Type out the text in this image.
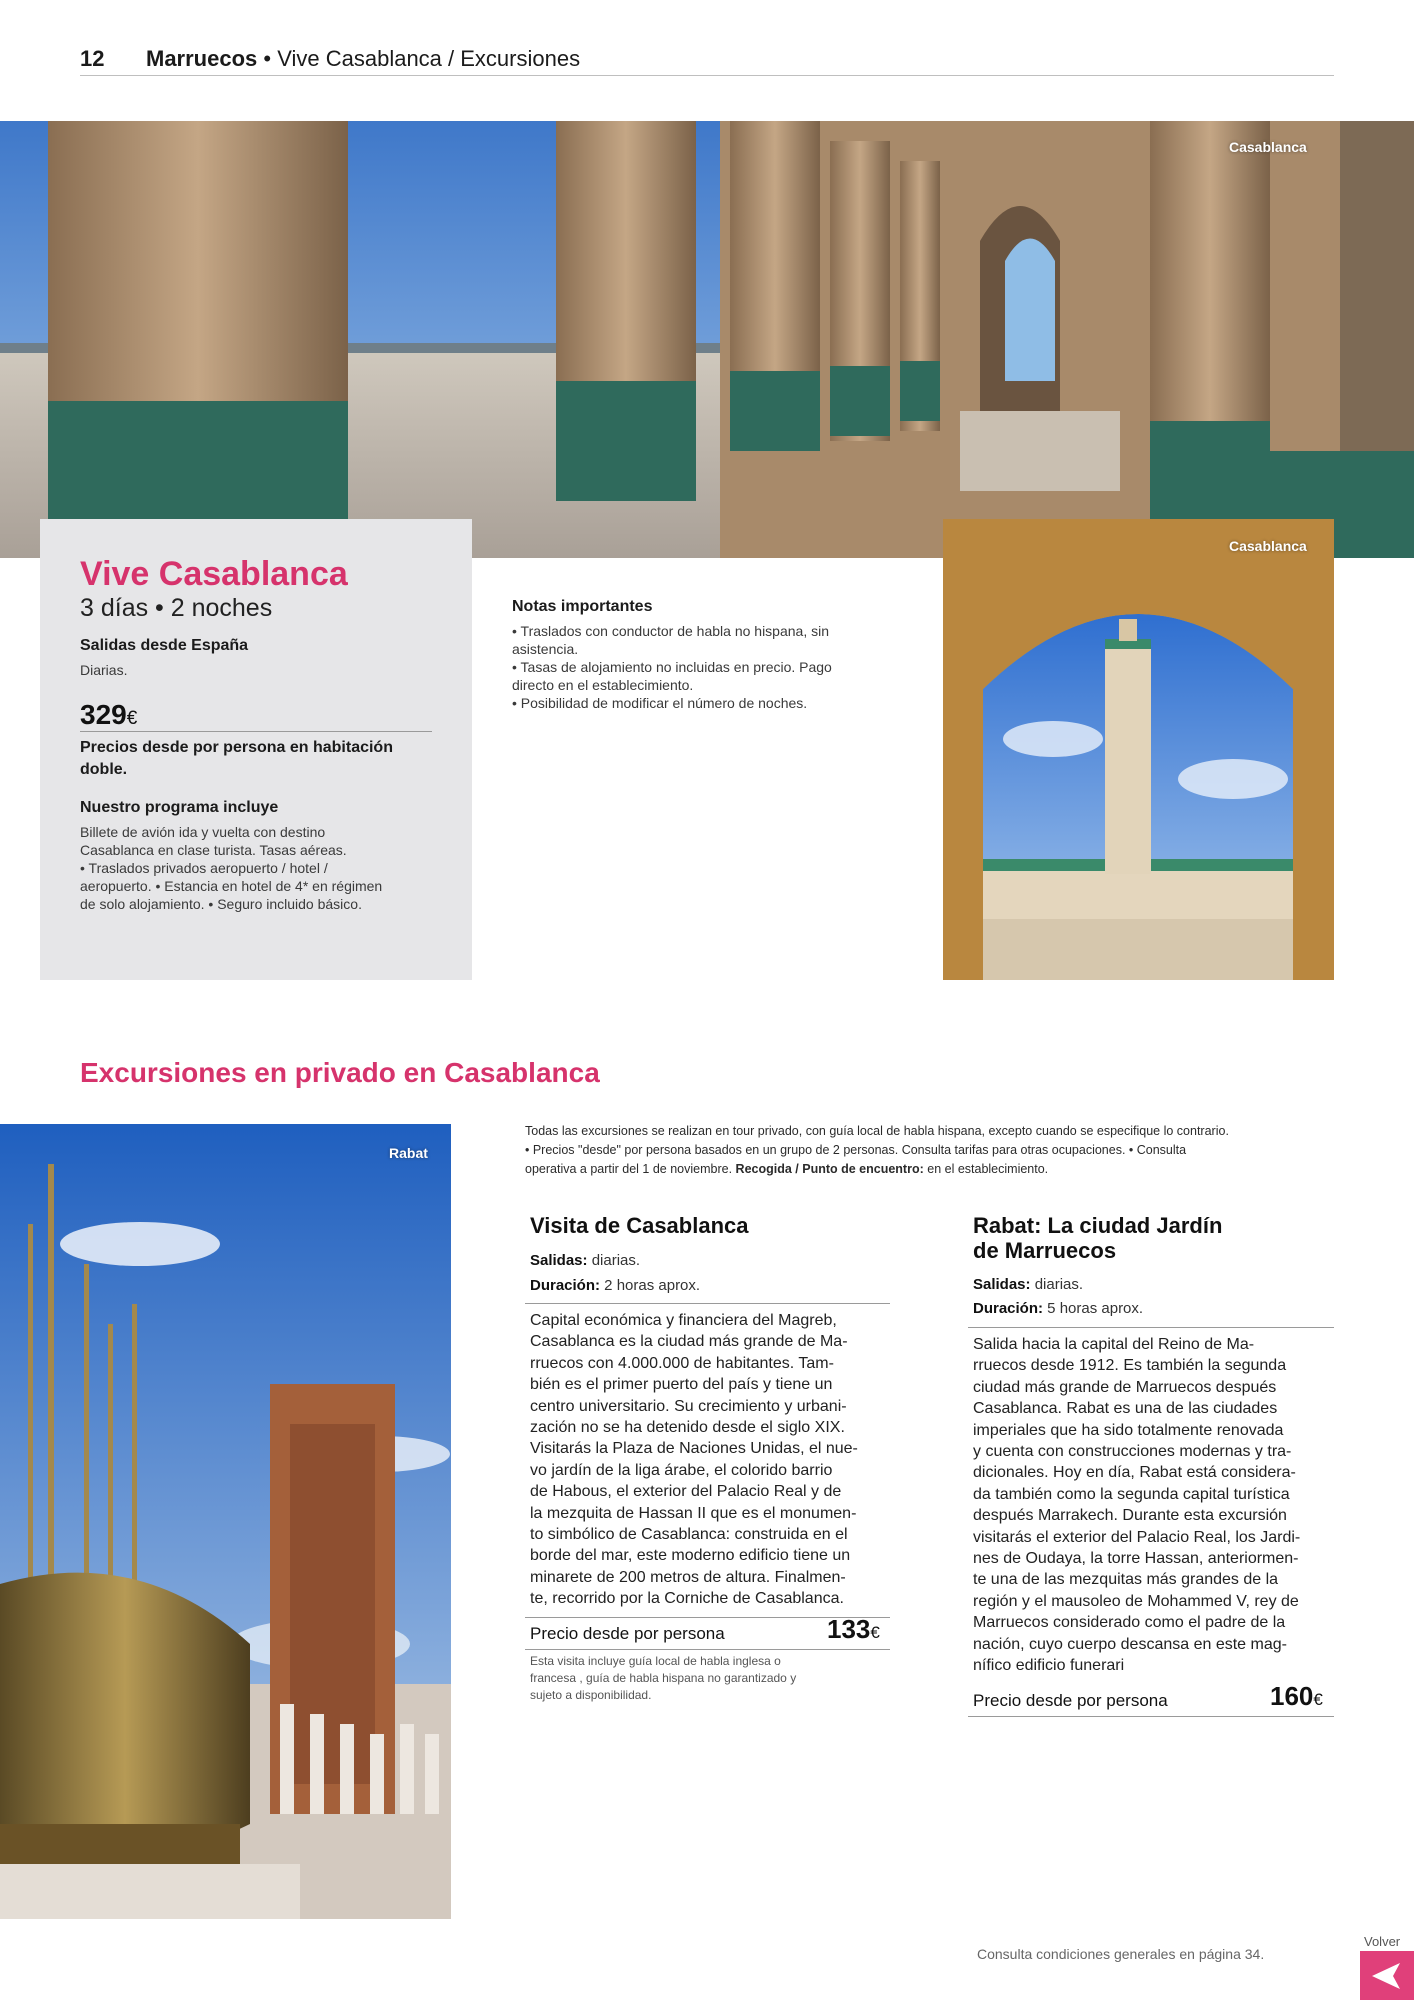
12 Marruecos • Vive Casablanca / Excursiones
Casablanca
Vive Casablanca
3 días • 2 noches
Salidas desde España
Diarias.
329€
Precios desde por persona en habitación doble.
Nuestro programa incluye
Billete de avión ida y vuelta con destino
Casablanca en clase turista. Tasas aéreas.
• Traslados privados aeropuerto / hotel /
aeropuerto. • Estancia en hotel de 4* en régimen
de solo alojamiento. • Seguro incluido básico.
Notas importantes
• Traslados con conductor de habla no hispana, sin
asistencia.
• Tasas de alojamiento no incluidas en precio. Pago
directo en el establecimiento.
• Posibilidad de modificar el número de noches.
Casablanca
Excursiones en privado en Casablanca
Rabat
Todas las excursiones se realizan en tour privado, con guía local de habla hispana, excepto cuando se especifique lo contrario.
• Precios "desde" por persona basados en un grupo de 2 personas. Consulta tarifas para otras ocupaciones. • Consulta
operativa a partir del 1 de noviembre. Recogida / Punto de encuentro: en el establecimiento.
Visita de Casablanca
Salidas: diarias.
Duración: 2 horas aprox.
Capital económica y financiera del Magreb,
Casablanca es la ciudad más grande de Ma-
rruecos con 4.000.000 de habitantes. Tam-
bién es el primer puerto del país y tiene un
centro universitario. Su crecimiento y urbani-
zación no se ha detenido desde el siglo XIX.
Visitarás la Plaza de Naciones Unidas, el nue-
vo jardín de la liga árabe, el colorido barrio
de Habous, el exterior del Palacio Real y de
la mezquita de Hassan II que es el monumen-
to simbólico de Casablanca: construida en el
borde del mar, este moderno edificio tiene un
minarete de 200 metros de altura. Finalmen-
te, recorrido por la Corniche de Casablanca.
Precio desde por persona	133€
Esta visita incluye guía local de habla inglesa o
francesa , guía de habla hispana no garantizado y
sujeto a disponibilidad.
Rabat: La ciudad Jardín
de Marruecos
Salidas: diarias.
Duración: 5 horas aprox.
Salida hacia la capital del Reino de Ma-
rruecos desde 1912. Es también la segunda
ciudad más grande de Marruecos después
Casablanca. Rabat es una de las ciudades
imperiales que ha sido totalmente renovada
y cuenta con construcciones modernas y tra-
dicionales. Hoy en día, Rabat está considera-
da también como la segunda capital turística
después Marrakech. Durante esta excursión
visitarás el exterior del Palacio Real, los Jardi-
nes de Oudaya, la torre Hassan, anteriormen-
te una de las mezquitas más grandes de la
región y el mausoleo de Mohammed V, rey de
Marruecos considerado como el padre de la
nación, cuyo cuerpo descansa en este mag-
nífico edificio funerari
Precio desde por persona	160€
Consulta condiciones generales en página 34.
Volver
